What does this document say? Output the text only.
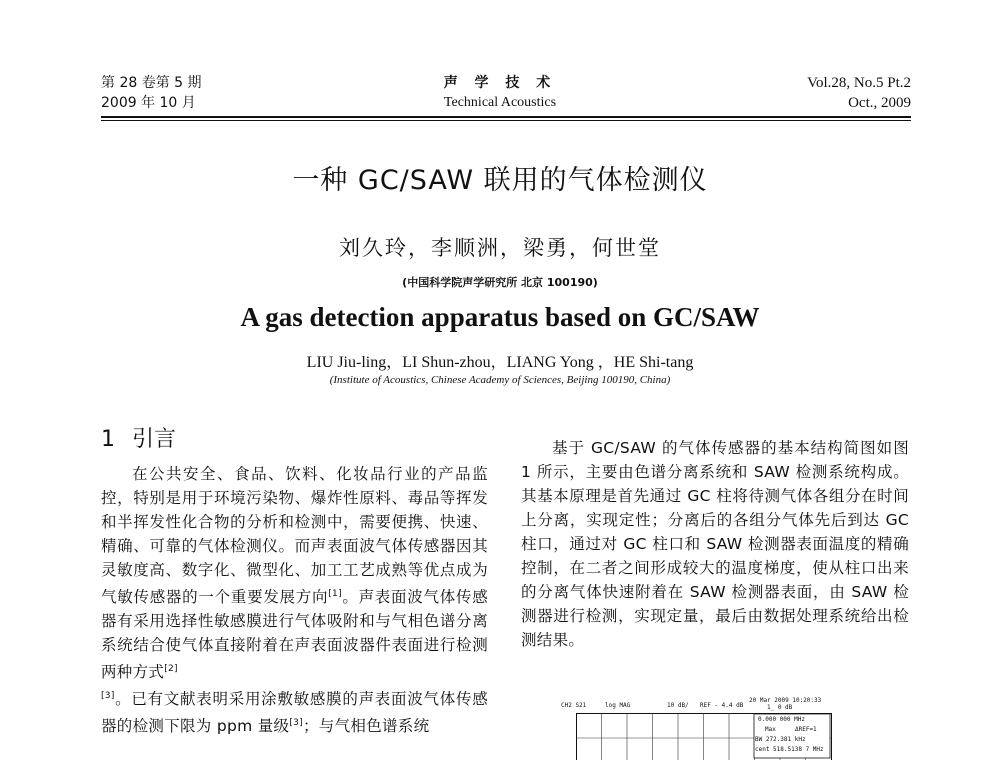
第 28 卷第 5 期
2009 年 10 月
声 学 技 术
Technical Acoustics
Vol.28, No.5 Pt.2
Oct., 2009
一种 GC/SAW 联用的气体检测仪
刘久玲，李顺洲，梁勇，何世堂
(中国科学院声学研究所 北京 100190)
A gas detection apparatus based on GC/SAW
LIU Jiu-ling，LI Shun-zhou，LIANG Yong ，HE Shi-tang
(Institute of Acoustics, Chinese Academy of Sciences, Beijing 100190, China)
1 引言
在公共安全、食品、饮料、化妆品行业的产品监控，特别是用于环境污染物、爆炸性原料、毒品等挥发和半挥发性化合物的分析和检测中，需要便携、快速、精确、可靠的气体检测仪。而声表面波气体传感器因其灵敏度高、数字化、微型化、加工工艺成熟等优点成为气敏传感器的一个重要发展方向[1]。声表面波气体传感器有采用选择性敏感膜进行气体吸附和与气相色谱分离系统结合使气体直接附着在声表面波器件表面进行检测两种方式[2]
[3]。已有文献表明采用涂敷敏感膜的声表面波气体传感器的检测下限为 ppm 量级[3]；与气相色谱系统
基于 GC/SAW 的气体传感器的基本结构简图如图 1 所示，主要由色谱分离系统和 SAW 检测系统构成。其基本原理是首先通过 GC 柱将待测气体各组分在时间上分离，实现定性；分离后的各组分气体先后到达 GC 柱口，通过对 GC 柱口和 SAW 检测器表面温度的精确控制，在二者之间形成较大的温度梯度，使从柱口出来的分离气体快速附着在 SAW 检测器表面，由 SAW 检测器进行检测，实现定量，最后由数据处理系统给出检测结果。
CH2 S21	log MAG	10 dB/ REF - 4.4 dB
20 Mar 2009 10:20:33
1_ 0 dB
0.000 000 MHz
Max	ΔREF=1
BW 272.381 kHz
cent 518.5138 7 MHz
